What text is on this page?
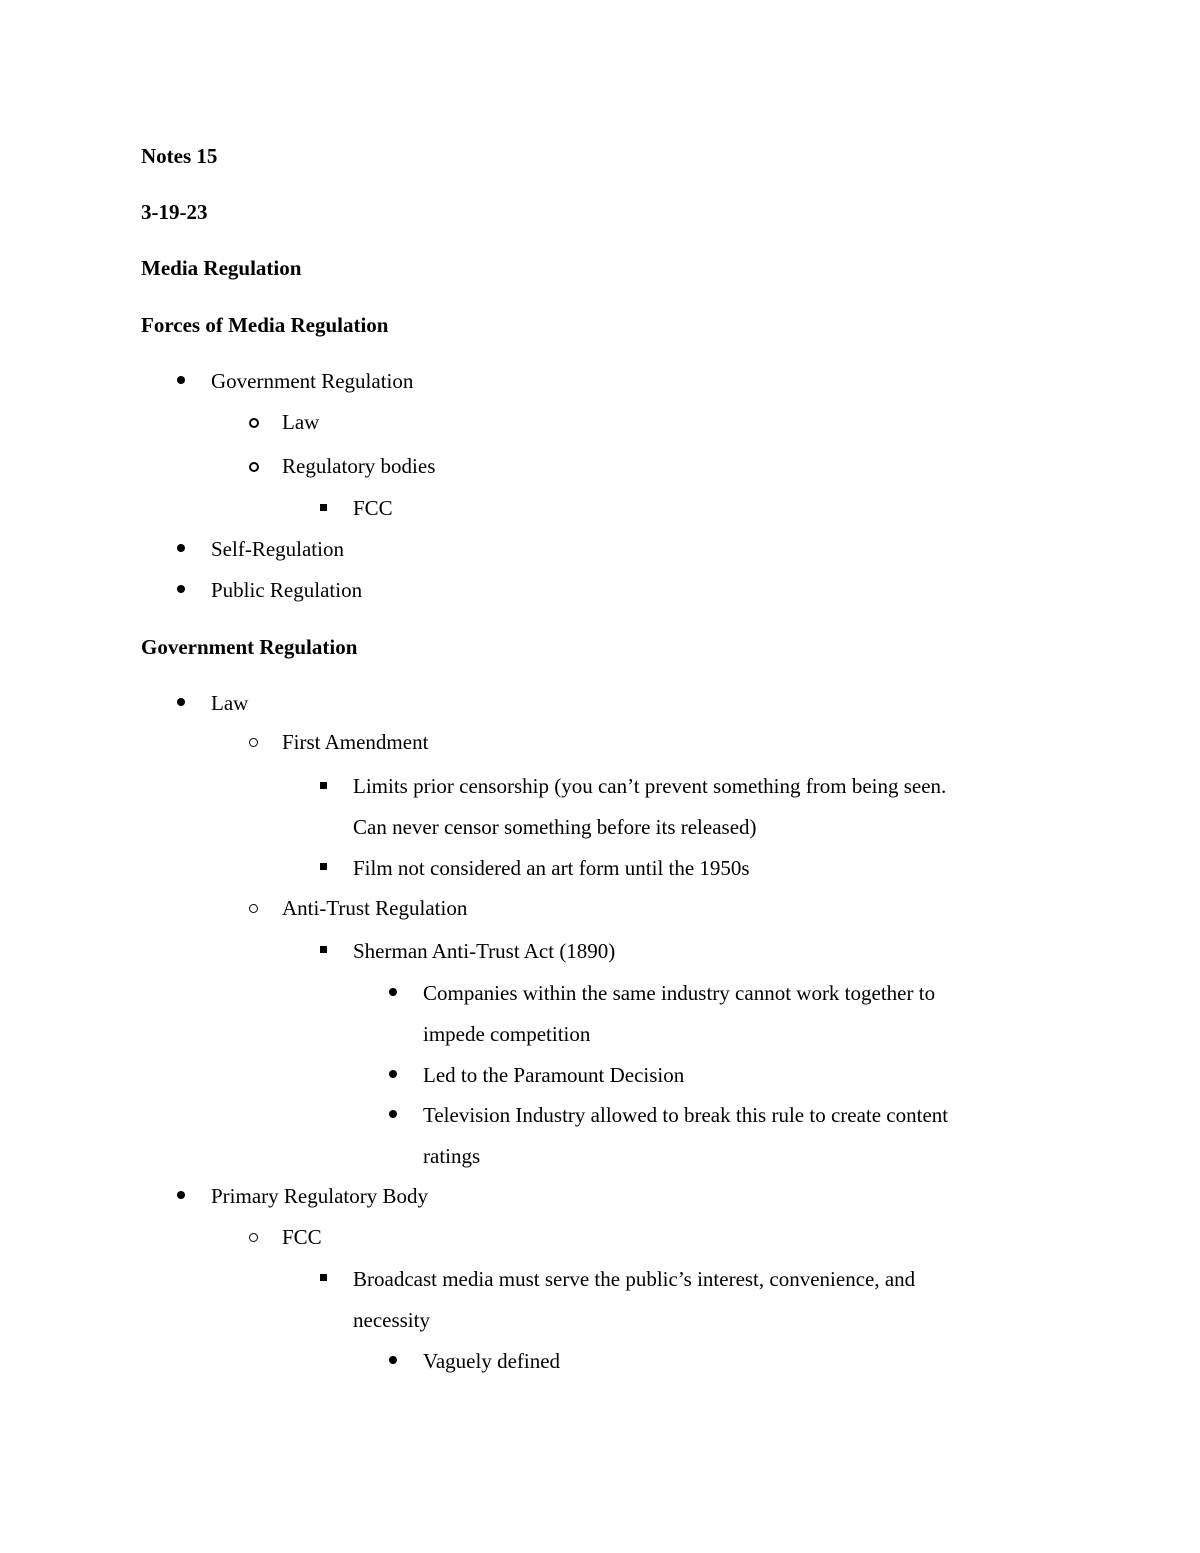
Notes 15
3-19-23
Media Regulation
Forces of Media Regulation
Government Regulation
Law
Regulatory bodies
FCC
Self-Regulation
Public Regulation
Government Regulation
Law
First Amendment
Limits prior censorship (you can’t prevent something from being seen.
Can never censor something before its released)
Film not considered an art form until the 1950s
Anti-Trust Regulation
Sherman Anti-Trust Act (1890)
Companies within the same industry cannot work together to
impede competition
Led to the Paramount Decision
Television Industry allowed to break this rule to create content
ratings
Primary Regulatory Body
FCC
Broadcast media must serve the public’s interest, convenience, and
necessity
Vaguely defined
